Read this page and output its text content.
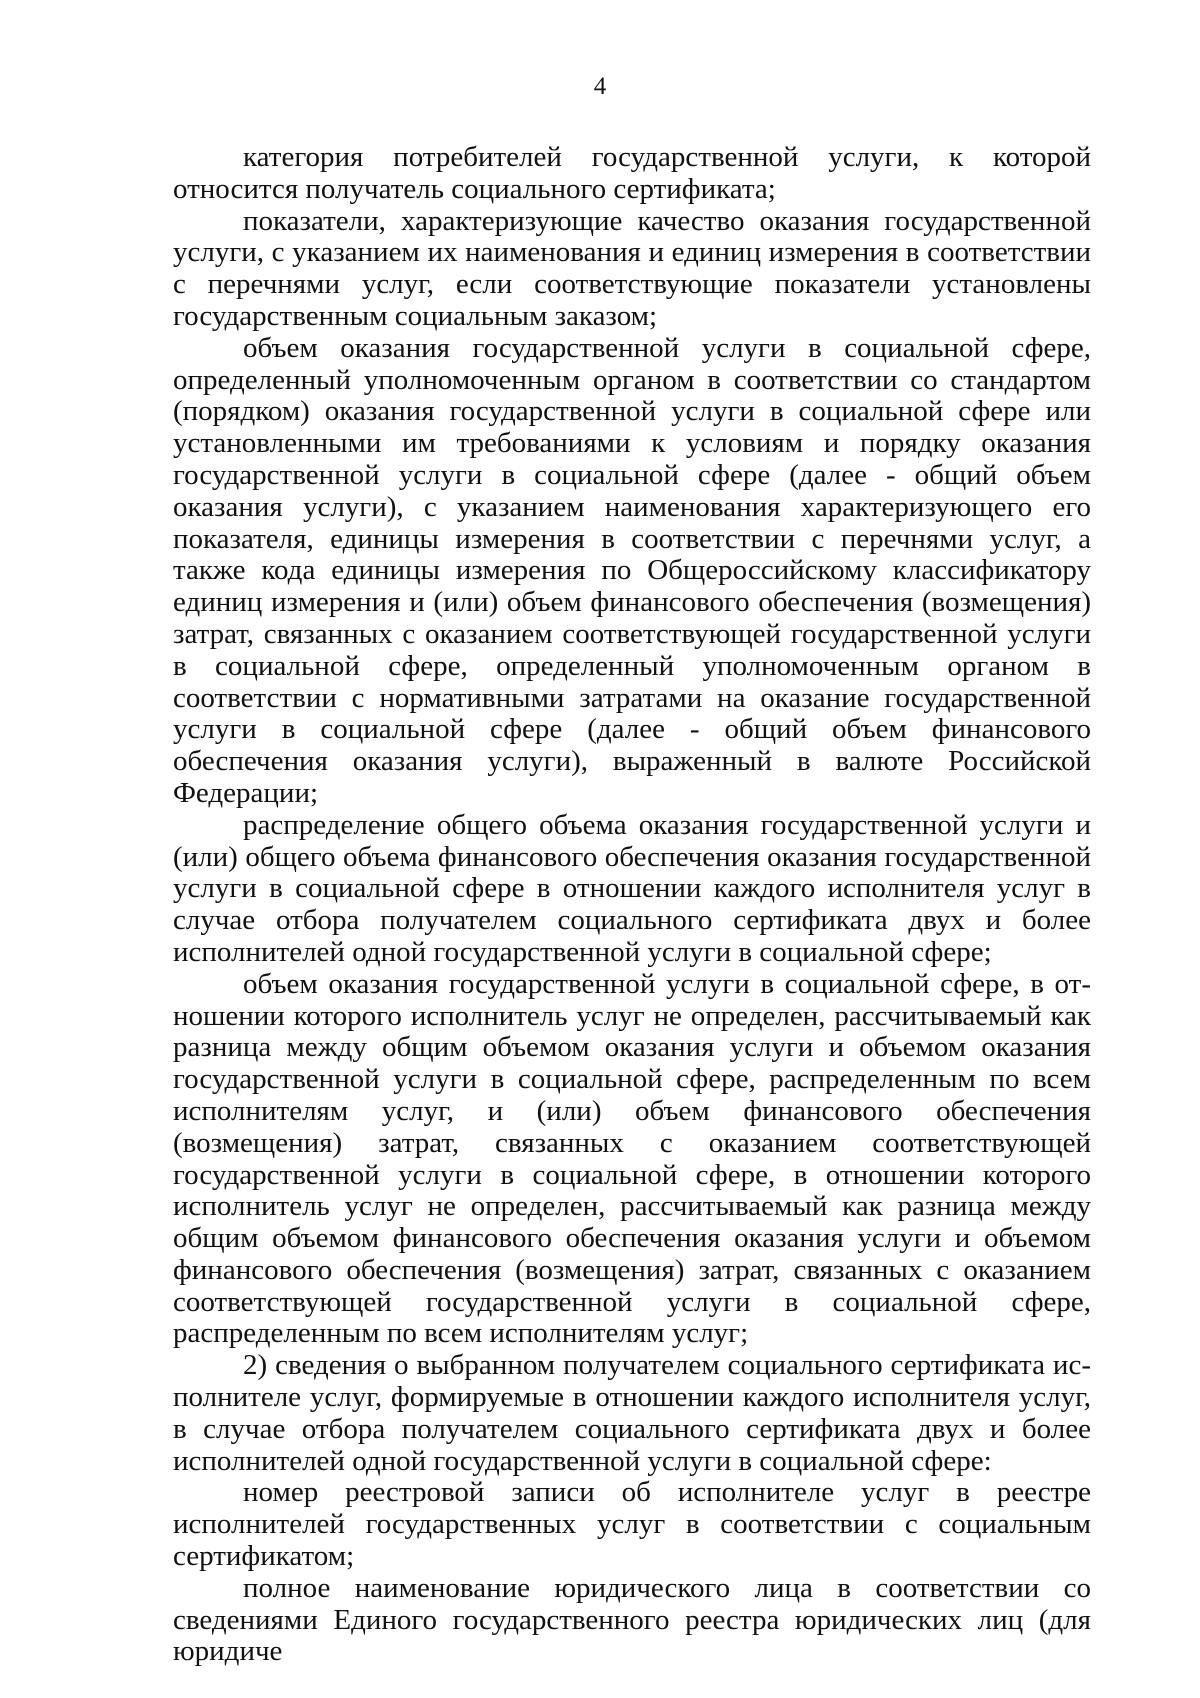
4

категория потребителей государственной услуги, к которой относится получатель социального сертификата;

показатели, характеризующие качество оказания государственной услуги, с указанием их наименования и единиц измерения в соответствии с перечнями услуг, если соответствующие показатели установлены государственным социальным заказом;

объем оказания государственной услуги в социальной сфере, определенный уполномоченным органом в соответствии со стандартом (порядком) оказания государственной услуги в социальной сфере или установленными им требованиями к условиям и порядку оказания государственной услуги в социальной сфере (далее - общий объем оказания услуги), с указанием наименования характеризующего его показателя, единицы измерения в соответствии с перечнями услуг, а также кода единицы измерения по Общероссийскому классификатору единиц измерения и (или) объем финансового обеспечения (возмещения) затрат, связанных с оказанием соответствующей государственной услуги в социальной сфере, определенный уполномоченным органом в соответствии с нормативными затратами на оказание государственной услуги в социальной сфере (далее - общий объем финансового обеспечения оказания услуги), выраженный в валюте Российской Федерации;

распределение общего объема оказания государственной услуги и (или) общего объема финансового обеспечения оказания государственной услуги в социальной сфере в отношении каждого исполнителя услуг в случае отбора получателем социального сертификата двух и более исполнителей одной государственной услуги в социальной сфере;

объем оказания государственной услуги в социальной сфере, в отношении которого исполнитель услуг не определен, рассчитываемый как разница между общим объемом оказания услуги и объемом оказания государственной услуги в социальной сфере, распределенным по всем исполнителям услуг, и (или) объем финансового обеспечения (возмещения) затрат, связанных с оказанием соответствующей государственной услуги в социальной сфере, в отношении которого исполнитель услуг не определен, рассчитываемый как разница между общим объемом финансового обеспечения оказания услуги и объемом финансового обеспечения (возмещения) затрат, связанных с оказанием соответствующей государственной услуги в социальной сфере, распределенным по всем исполнителям услуг;

2) сведения о выбранном получателем социального сертификата исполнителе услуг, формируемые в отношении каждого исполнителя услуг, в случае отбора получателем социального сертификата двух и более исполнителей одной государственной услуги в социальной сфере:

номер реестровой записи об исполнителе услуг в реестре исполнителей государственных услуг в соответствии с социальным сертификатом;

полное наименование юридического лица в соответствии со сведениями Единого государственного реестра юридических лиц (для юридиче
